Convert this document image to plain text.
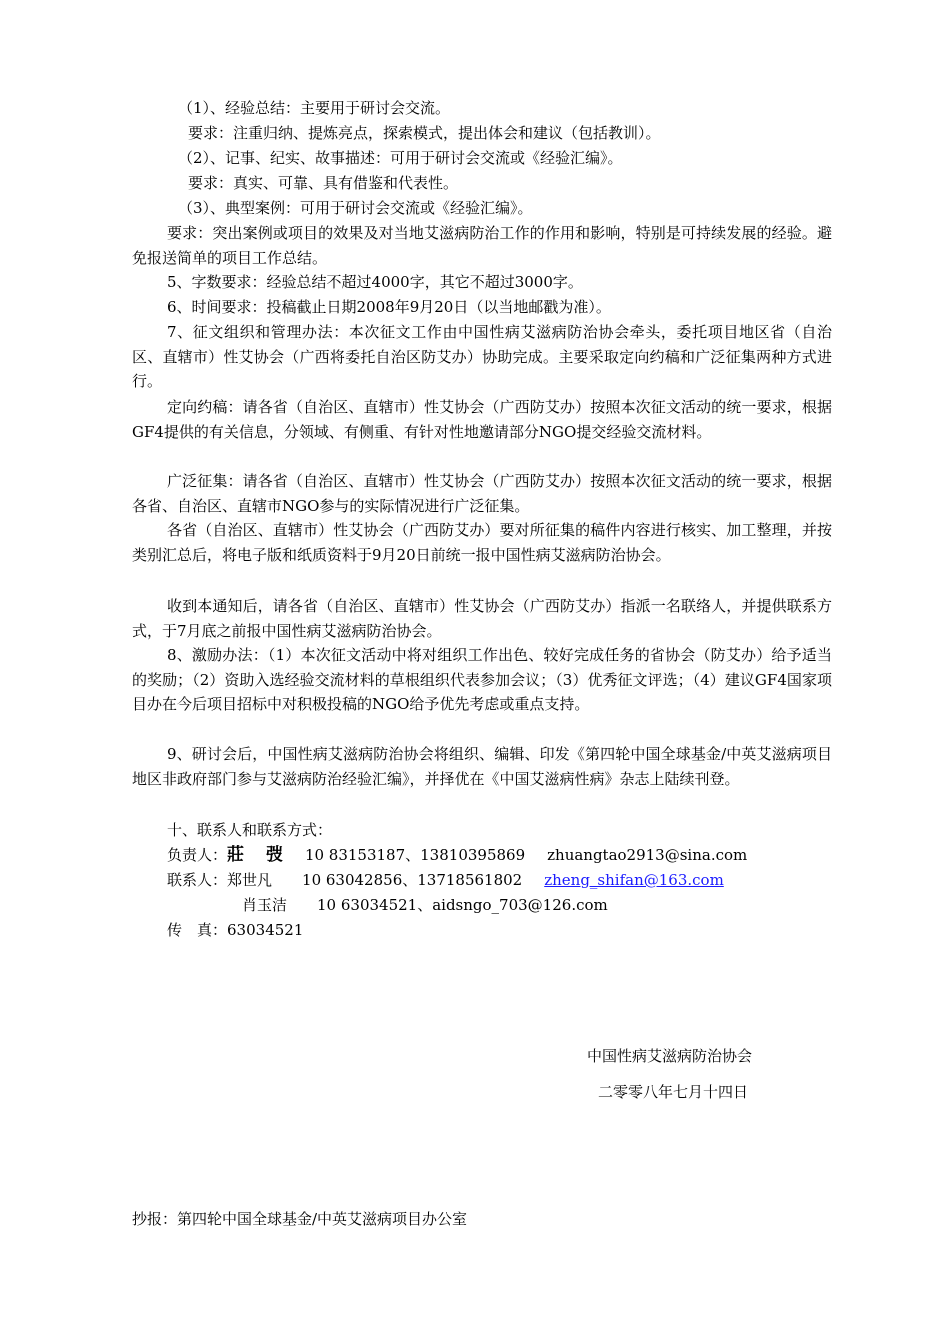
（1）、经验总结：主要用于研讨会交流。
要求：注重归纳、提炼亮点，探索模式，提出体会和建议（包括教训）。
（2）、记事、纪实、故事描述：可用于研讨会交流或《经验汇编》。
要求：真实、可靠、具有借鉴和代表性。
（3）、典型案例：可用于研讨会交流或《经验汇编》。
要求：突出案例或项目的效果及对当地艾滋病防治工作的作用和影响，特别是可持续发展的经验。避免报送简单的项目工作总结。
5、字数要求：经验总结不超过4000字，其它不超过3000字。
6、时间要求：投稿截止日期2008年9月20日（以当地邮戳为准）。
7、征文组织和管理办法：本次征文工作由中国性病艾滋病防治协会牵头，委托项目地区省（自治区、直辖市）性艾协会（广西将委托自治区防艾办）协助完成。主要采取定向约稿和广泛征集两种方式进行。
定向约稿：请各省（自治区、直辖市）性艾协会（广西防艾办）按照本次征文活动的统一要求，根据GF4提供的有关信息，分领域、有侧重、有针对性地邀请部分NGO提交经验交流材料。
广泛征集：请各省（自治区、直辖市）性艾协会（广西防艾办）按照本次征文活动的统一要求，根据各省、自治区、直辖市NGO参与的实际情况进行广泛征集。
各省（自治区、直辖市）性艾协会（广西防艾办）要对所征集的稿件内容进行核实、加工整理，并按类别汇总后，将电子版和纸质资料于9月20日前统一报中国性病艾滋病防治协会。
收到本通知后，请各省（自治区、直辖市）性艾协会（广西防艾办）指派一名联络人，并提供联系方式，于7月底之前报中国性病艾滋病防治协会。
8、激励办法：（1）本次征文活动中将对组织工作出色、较好完成任务的省协会（防艾办）给予适当的奖励；（2）资助入选经验交流材料的草根组织代表参加会议；（3）优秀征文评选；（4）建议GF4国家项目办在今后项目招标中对积极投稿的NGO给予优先考虑或重点支持。
9、研讨会后，中国性病艾滋病防治协会将组织、编辑、印发《第四轮中国全球基金/中英艾滋病项目地区非政府部门参与艾滋病防治经验汇编》，并择优在《中国艾滋病性病》杂志上陆续刊登。
十、联系人和联系方式：
负责人：莊 弢 10 83153187、13810395869 zhuangtao2913@sina.com
联系人：郑世凡 10 63042856、13718561802 zheng_shifan@163.com
肖玉洁 10 63034521、aidsngo_703@126.com
传　真：63034521
中国性病艾滋病防治协会
二零零八年七月十四日
抄报：第四轮中国全球基金/中英艾滋病项目办公室
